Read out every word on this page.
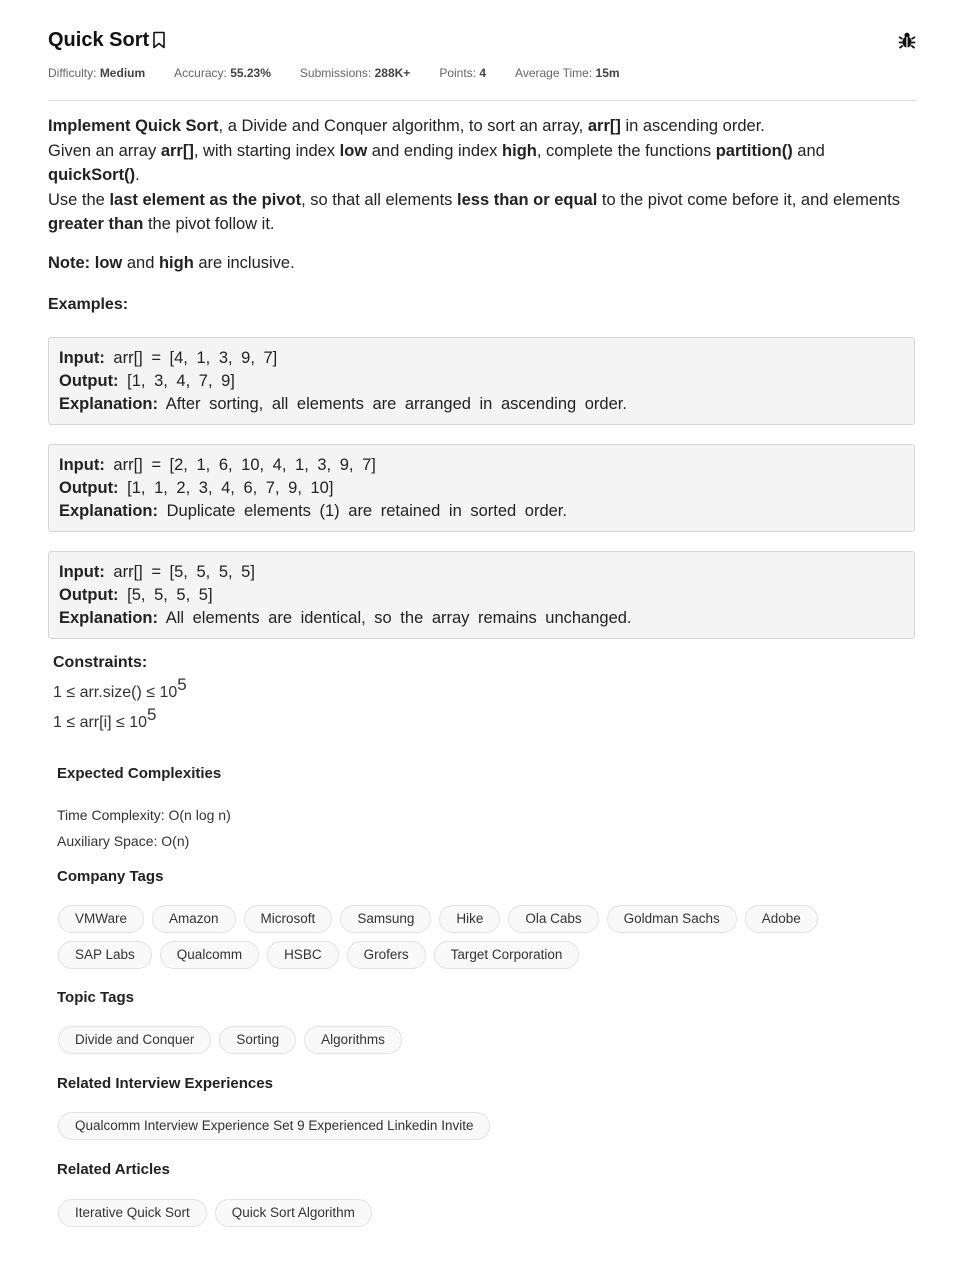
Quick Sort
Difficulty: Medium Accuracy: 55.23% Submissions: 288K+ Points: 4 Average Time: 15m

Implement Quick Sort, a Divide and Conquer algorithm, to sort an array, arr[] in ascending order.

Given an array arr[], with starting index low and ending index high, complete the functions partition() and
quickSort().

Use the last element as the pivot, so that all elements less than or equal to the pivot come before it, and elements greater than the pivot follow it.

Note: low and high are inclusive.
Examples:
Input: arr[] = [4, 1, 3, 9, 7]
Output: [1, 3, 4, 7, 9]
Explanation: After sorting, all elements are arranged in ascending order.
Input: arr[] = [2, 1, 6, 10, 4, 1, 3, 9, 7]
Output: [1, 1, 2, 3, 4, 6, 7, 9, 10]
Explanation: Duplicate elements (1) are retained in sorted order.
Input: arr[] = [5, 5, 5, 5]
Output: [5, 5, 5, 5]
Explanation: All elements are identical, so the array remains unchanged.
Constraints:
1 ≤ arr.size() ≤ $10^5$
$1 \le arr[i] \le 10^5$
Expected Complexities
Time Complexity: O(n log n)
Auxiliary Space: O(n)
Company Tags
VMWare	Amazon	Microsoft	Samsung	Hike	Ola Cabs	Goldman Sachs	Adobe
SAP Labs	Qualcomm	HSBC	Grofers	Target Corporation
Topic Tags
Divide and Conquer	Sorting	Algorithms
Related Interview Experiences
Qualcomm Interview Experience Set 9 Experienced Linkedin Invite
Related Articles
Iterative Quick Sort	Quick Sort Algorithm
